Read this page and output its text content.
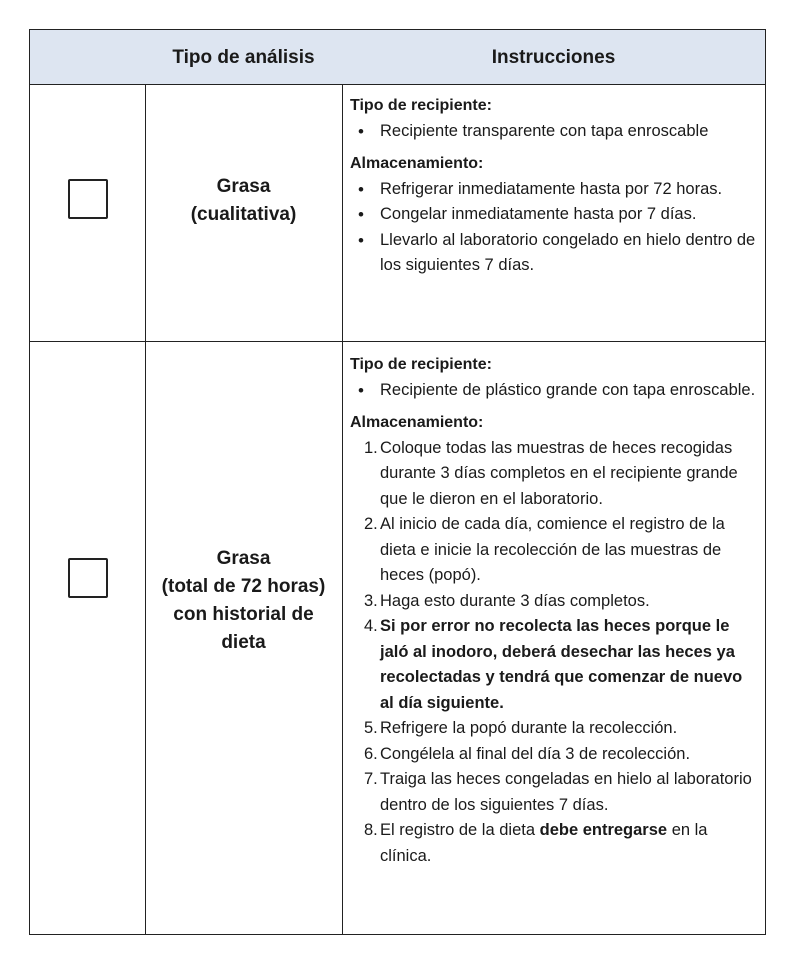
Tipo de análisis	Instrucciones
Grasa
(cualitativa)

Tipo de recipiente:

• Recipiente transparente con tapa enroscable

Almacenamiento:

• Refrigerar inmediatamente hasta por 72 horas.
• Congelar inmediatamente hasta por 7 días.
• Llevarlo al laboratorio congelado en hielo dentro de los siguientes 7 días.
Grasa
(total de 72 horas)
con historial de
dieta

Tipo de recipiente:

• Recipiente de plástico grande con tapa enroscable.

Almacenamiento:

1. Coloque todas las muestras de heces recogidas durante 3 días completos en el recipiente grande que le dieron en el laboratorio.
2. Al inicio de cada día, comience el registro de la dieta e inicie la recolección de las muestras de heces (popó).
3. Haga esto durante 3 días completos.
4. Si por error no recolecta las heces porque le jaló al inodoro, deberá desechar las heces ya recolectadas y tendrá que comenzar de nuevo al día siguiente.
5. Refrigere la popó durante la recolección.
6. Congélela al final del día 3 de recolección.
7. Traiga las heces congeladas en hielo al laboratorio dentro de los siguientes 7 días.
8. El registro de la dieta debe entregarse en la clínica.
